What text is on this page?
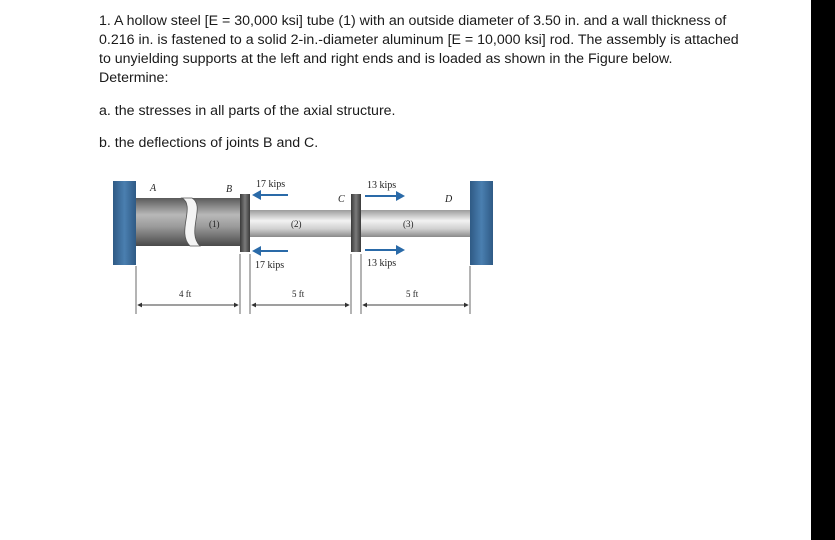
1. A hollow steel [E = 30,000 ksi] tube (1) with an outside diameter of 3.50 in. and a wall thickness of 0.216 in. is fastened to a solid 2-in.-diameter aluminum [E = 10,000 ksi] rod. The assembly is attached to unyielding supports at the left and right ends and is loaded as shown in the Figure below. Determine:

a. the stresses in all parts of the axial structure.

b. the deflections of joints B and C.

A	B
C	D
(1)	(2)	(3)
17 kips
17 kips
13 kips
13 kips
4 ft	5 ft	5 ft
